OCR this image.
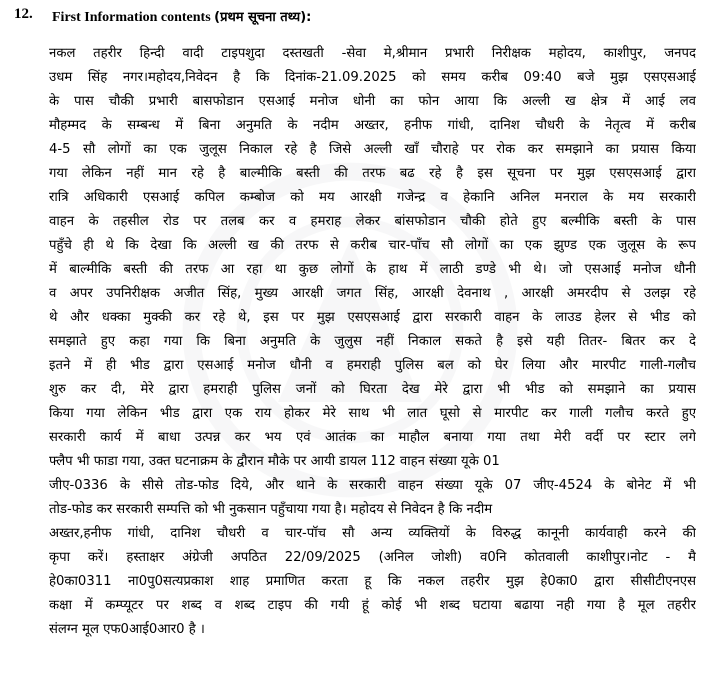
12. First Information contents (प्रथम सूचना तथ्य):
नकल तहरीर हिन्दी वादी टाइपशुदा दस्तखती -सेवा मे,श्रीमान प्रभारी निरीक्षक महोदय, काशीपुर, जनपद
उधम सिंह नगर।महोदय,निवेदन है कि दिनांक-21.09.2025 को समय करीब 09:40 बजे मुझ एसएसआई
के पास चौकी प्रभारी बासफोडान एसआई मनोज धोनी का फोन आया कि अल्ली ख क्षेत्र में आई लव
मौहम्मद के सम्बन्ध में बिना अनुमति के नदीम अख्तर, हनीफ गांधी, दानिश चौधरी के नेतृत्व में करीब
4-5 सौ लोगों का एक जुलूस निकाल रहे है जिसे अल्ली खाँ चौराहे पर रोक कर समझाने का प्रयास किया
गया लेकिन नहीं मान रहे है बाल्मीकि बस्ती की तरफ बढ रहे है इस सूचना पर मुझ एसएसआई द्वारा
रात्रि अधिकारी एसआई कपिल कम्बोज को मय आरक्षी गजेन्द्र व हेकानि अनिल मनराल के मय सरकारी
वाहन के तहसील रोड पर तलब कर व हमराह लेकर बांसफोडान चौकी होते हुए बल्मीकि बस्ती के पास
पहुँचे ही थे कि देखा कि अल्ली ख की तरफ से करीब चार-पाँच सौ लोगों का एक झुण्ड एक जुलूस के रूप
में बाल्मीकि बस्ती की तरफ आ रहा था कुछ लोगों के हाथ में लाठी डण्डे भी थे। जो एसआई मनोज धौनी
व अपर उपनिरीक्षक अजीत सिंह, मुख्य आरक्षी जगत सिंह, आरक्षी देवनाथ , आरक्षी अमरदीप से उलझ रहे
थे और धक्का मुक्की कर रहे थे, इस पर मुझ एसएसआई द्वारा सरकारी वाहन के लाउड हेलर से भीड को
समझाते हुए कहा गया कि बिना अनुमति के जुलुस नहीं निकाल सकते है इसे यही तितर- बितर कर दे
इतने में ही भीड द्वारा एसआई मनोज धौनी व हमराही पुलिस बल को घेर लिया और मारपीट गाली-गलौच
शुरु कर दी, मेरे द्वारा हमराही पुलिस जनों को घिरता देख मेरे द्वारा भी भीड को समझाने का प्रयास
किया गया लेकिन भीड द्वारा एक राय होकर मेरे साथ भी लात घूसो से मारपीट कर गाली गलौच करते हुए
सरकारी कार्य में बाधा उत्पन्न कर भय एवं आतंक का माहौल बनाया गया तथा मेरी वर्दी पर स्टार लगे
फ्लैप भी फाडा गया, उक्त घटनाक्रम के द्वौरान मौके पर आयी डायल 112 वाहन संख्या यूके 01
जीए-0336 के सीसे तोड-फोड दिये, और थाने के सरकारी वाहन संख्या यूके 07 जीए-4524 के बोनेट में भी
तोड-फोड कर सरकारी सम्पत्ति को भी नुकसान पहुँचाया गया है। महोदय से निवेदन है कि नदीम
अख्तर,हनीफ गांधी, दानिश चौधरी व चार-पॉच सौ अन्य व्यक्तियों के विरुद्ध कानूनी कार्यवाही करने की
कृपा करें। हस्ताक्षर अंग्रेजी अपठित 22/09/2025 (अनिल जोशी) व0नि कोतवाली काशीपुर।नोट - मै
हे0का0311 ना0पु0सत्यप्रकाश शाह प्रमाणित करता हू कि नकल तहरीर मुझ हे0का0 द्वारा सीसीटीएनएस
कक्षा में कम्प्यूटर पर शब्द व शब्द टाइप की गयी हूं कोई भी शब्द घटाया बढाया नही गया है मूल तहरीर
संलग्न मूल एफ0आई0आर0 है ।
